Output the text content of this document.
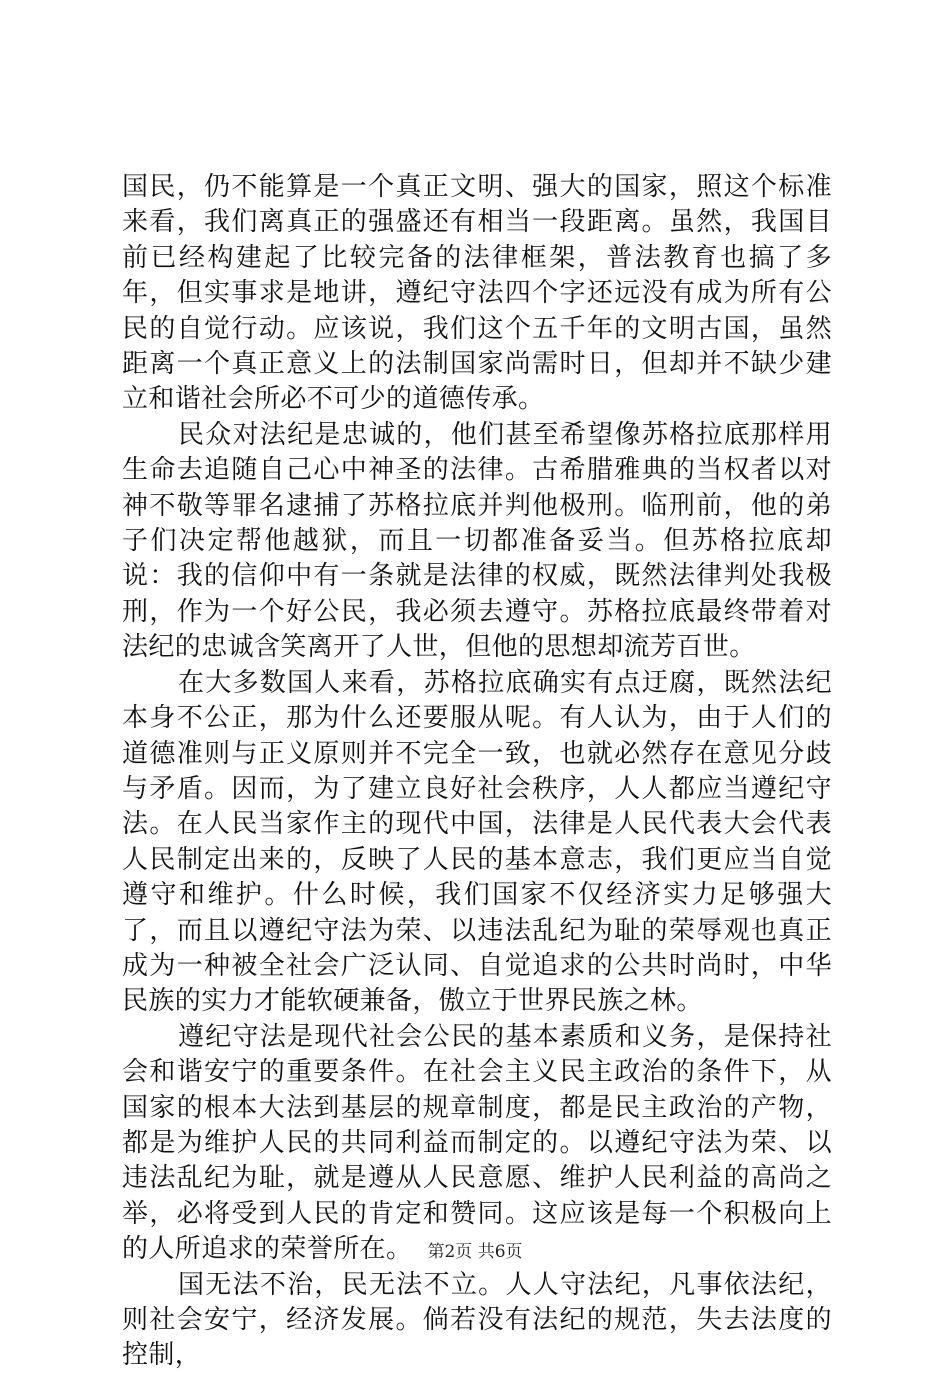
国民，仍不能算是一个真正文明、强大的国家，照这个标准来看，我们离真正的强盛还有相当一段距离。虽然，我国目前已经构建起了比较完备的法律框架，普法教育也搞了多年，但实事求是地讲，遵纪守法四个字还远没有成为所有公民的自觉行动。应该说，我们这个五千年的文明古国，虽然距离一个真正意义上的法制国家尚需时日，但却并不缺少建立和谐社会所必不可少的道德传承。

民众对法纪是忠诚的，他们甚至希望像苏格拉底那样用生命去追随自己心中神圣的法律。古希腊雅典的当权者以对神不敬等罪名逮捕了苏格拉底并判他极刑。临刑前，他的弟子们决定帮他越狱，而且一切都准备妥当。但苏格拉底却说：我的信仰中有一条就是法律的权威，既然法律判处我极刑，作为一个好公民，我必须去遵守。苏格拉底最终带着对法纪的忠诚含笑离开了人世，但他的思想却流芳百世。

在大多数国人来看，苏格拉底确实有点迂腐，既然法纪本身不公正，那为什么还要服从呢。有人认为，由于人们的道德准则与正义原则并不完全一致，也就必然存在意见分歧与矛盾。因而，为了建立良好社会秩序，人人都应当遵纪守法。在人民当家作主的现代中国，法律是人民代表大会代表人民制定出来的，反映了人民的基本意志，我们更应当自觉遵守和维护。什么时候，我们国家不仅经济实力足够强大了，而且以遵纪守法为荣、以违法乱纪为耻的荣辱观也真正成为一种被全社会广泛认同、自觉追求的公共时尚时，中华民族的实力才能软硬兼备，傲立于世界民族之林。

遵纪守法是现代社会公民的基本素质和义务，是保持社会和谐安宁的重要条件。在社会主义民主政治的条件下，从国家的根本大法到基层的规章制度，都是民主政治的产物，都是为维护人民的共同利益而制定的。以遵纪守法为荣、以违法乱纪为耻，就是遵从人民意愿、维护人民利益的高尚之举，必将受到人民的肯定和赞同。这应该是每一个积极向上的人所追求的荣誉所在。

国无法不治，民无法不立。人人守法纪，凡事依法纪，则社会安宁，经济发展。倘若没有法纪的规范，失去法度的控制，

第2页 共6页
